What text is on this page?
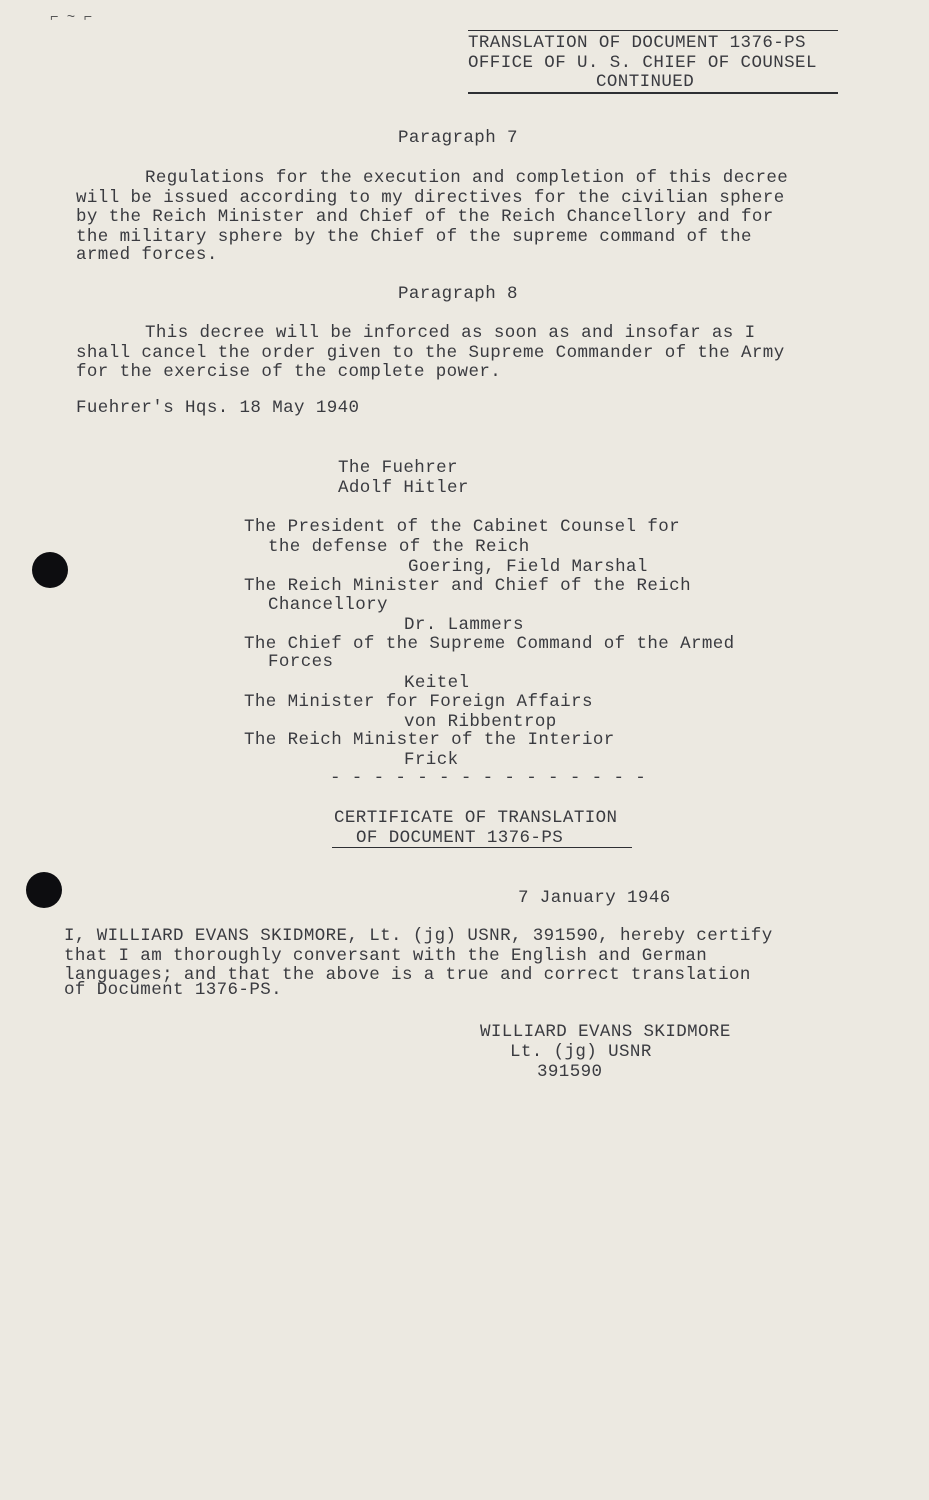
⌐ ~ ⌐
TRANSLATION OF DOCUMENT 1376-PS
OFFICE OF U. S. CHIEF OF COUNSEL
CONTINUED
Paragraph 7
Regulations for the execution and completion of this decree
will be issued according to my directives for the civilian sphere
by the Reich Minister and Chief of the Reich Chancellory and for
the military sphere by the Chief of the supreme command of the
armed forces.
Paragraph 8
This decree will be inforced as soon as and insofar as I
shall cancel the order given to the Supreme Commander of the Army
for the exercise of the complete power.
Fuehrer's Hqs. 18 May 1940
The Fuehrer
Adolf Hitler
The President of the Cabinet Counsel for
the defense of the Reich
Goering, Field Marshal
The Reich Minister and Chief of the Reich
Chancellory
Dr. Lammers
The Chief of the Supreme Command of the Armed
Forces
Keitel
The Minister for Foreign Affairs
von Ribbentrop
The Reich Minister of the Interior
Frick
- - - - - - - - - - - - - - -
CERTIFICATE OF TRANSLATION
OF DOCUMENT 1376-PS
7 January 1946
I, WILLIARD EVANS SKIDMORE, Lt. (jg) USNR, 391590, hereby certify
that I am thoroughly conversant with the English and German
languages; and that the above is a true and correct translation
of Document 1376-PS.
WILLIARD EVANS SKIDMORE
Lt. (jg) USNR
391590
